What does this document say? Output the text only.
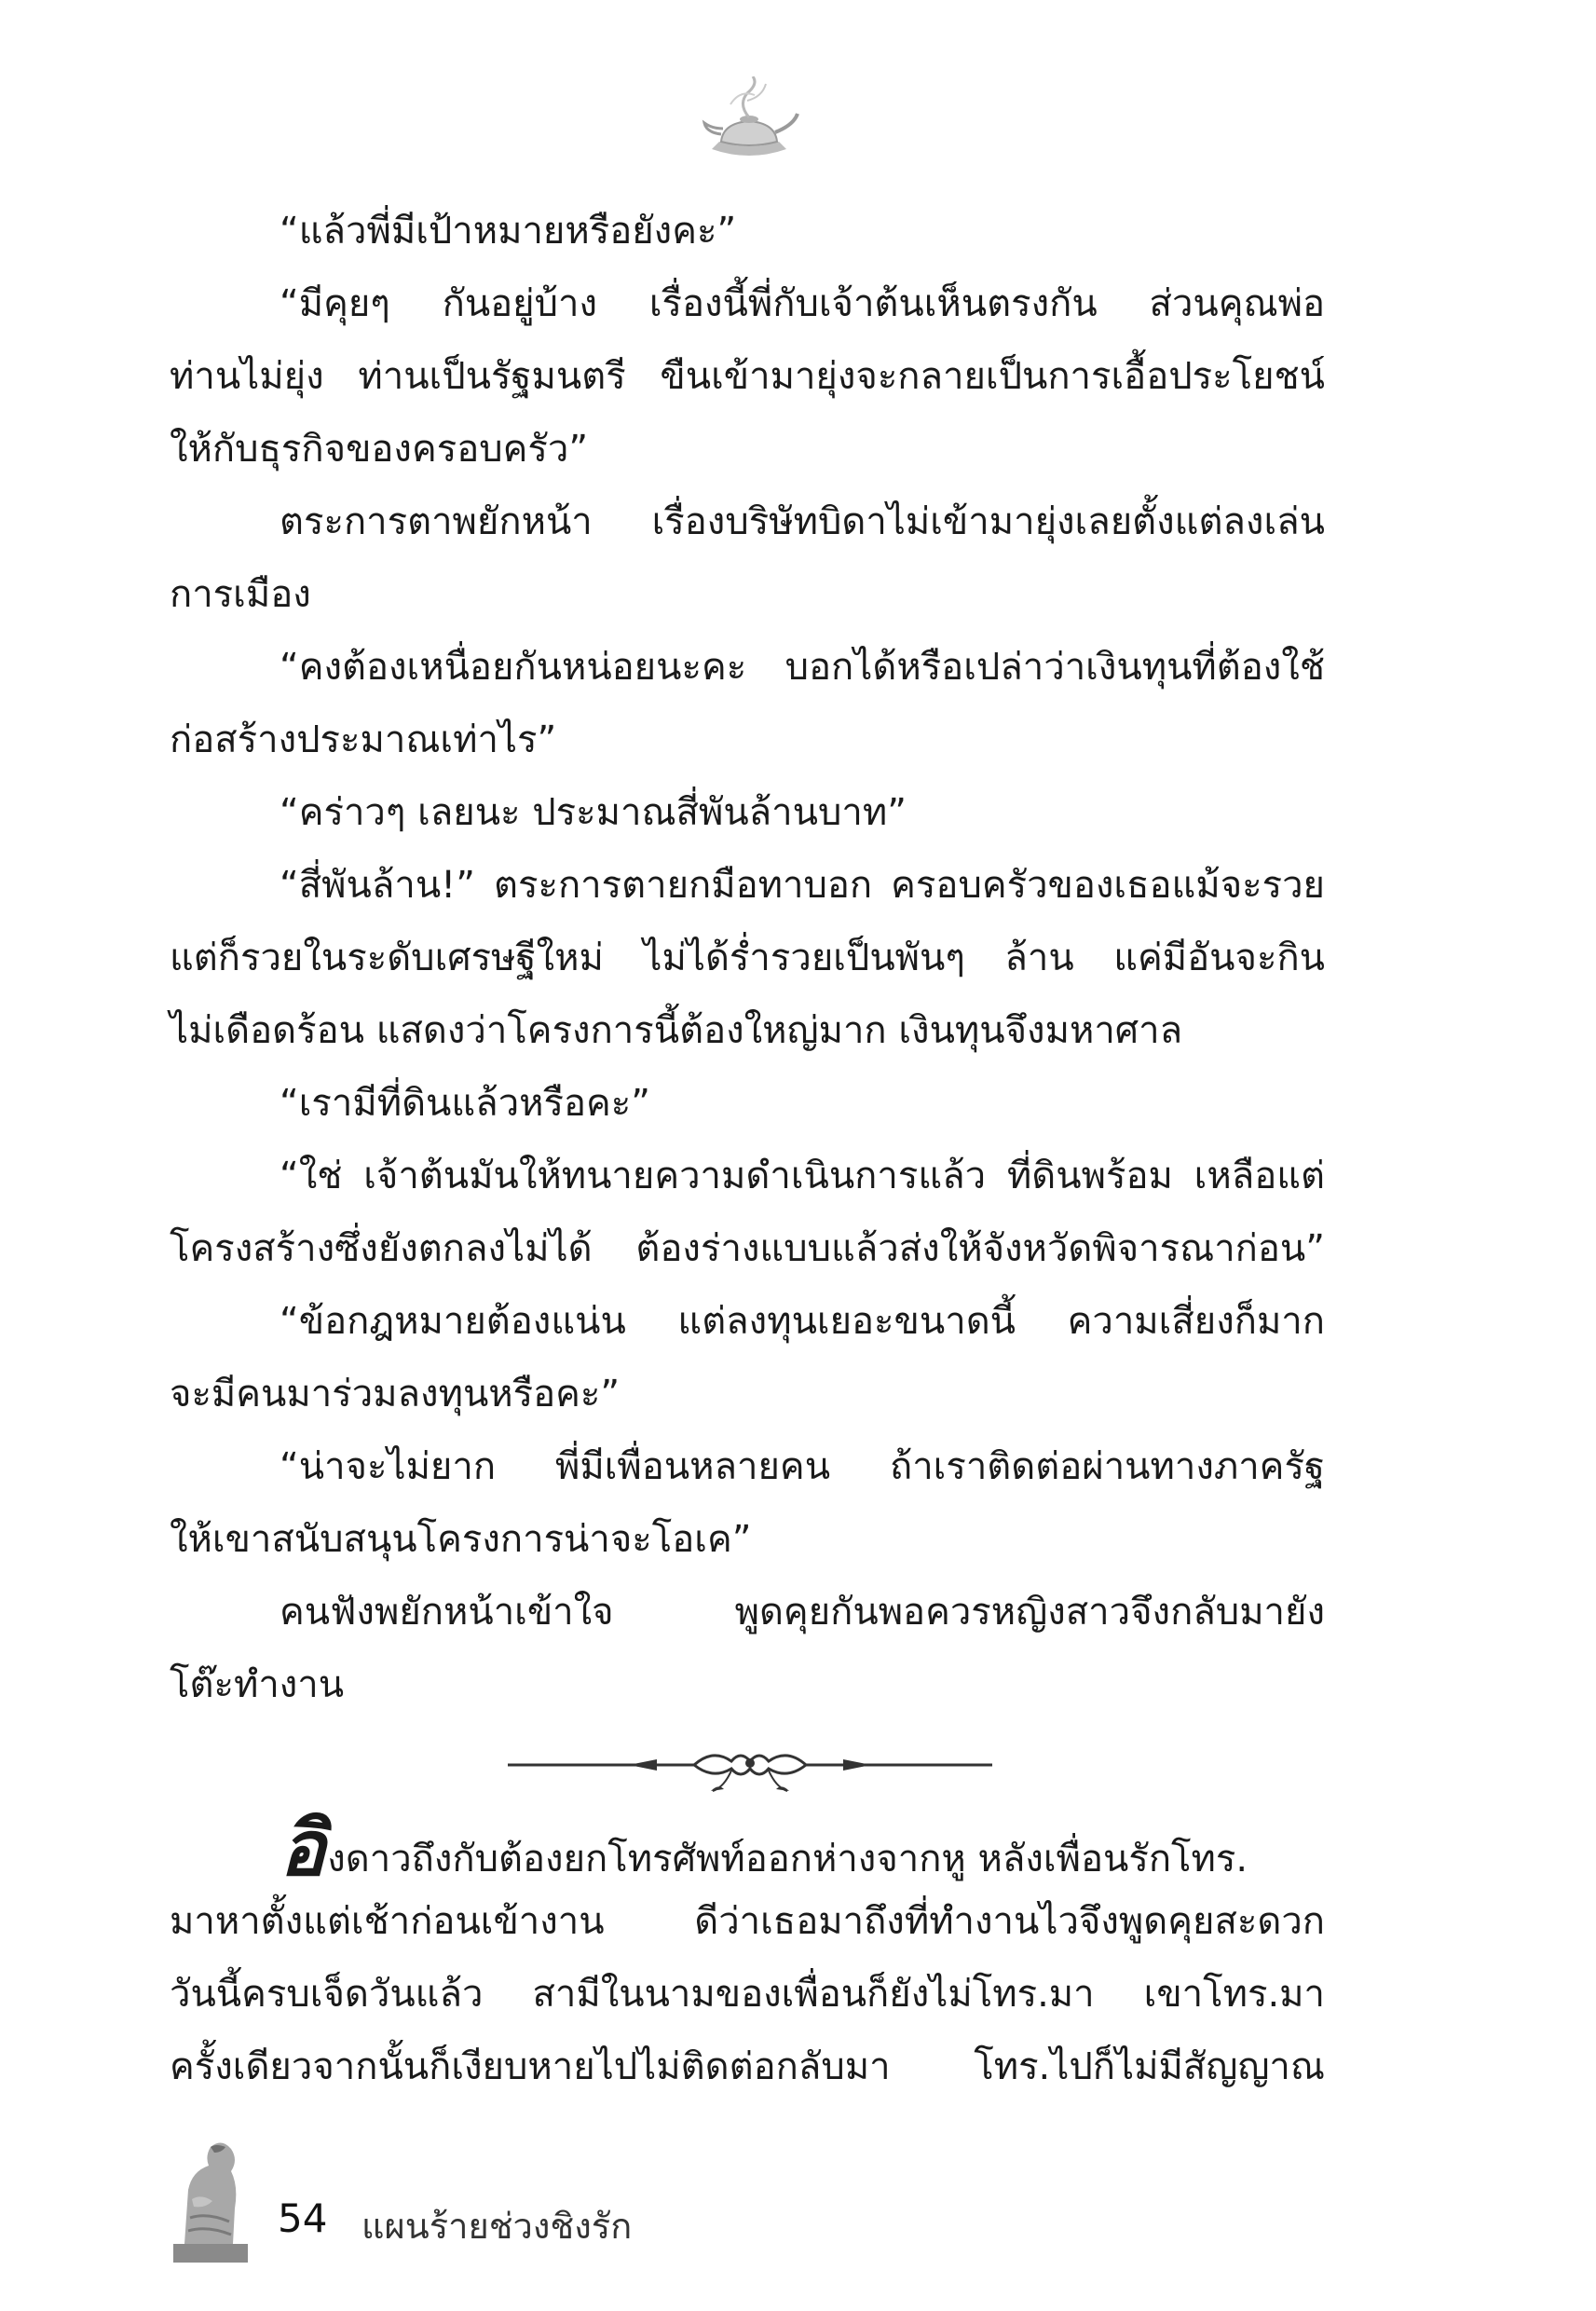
“แล้วพี่มีเป้าหมายหรือยังคะ”
“มีคุยๆ กันอยู่บ้าง เรื่องนี้พี่กับเจ้าต้นเห็นตรงกัน ส่วนคุณพ่อ
ท่านไม่ยุ่ง ท่านเป็นรัฐมนตรี ขืนเข้ามายุ่งจะกลายเป็นการเอื้อประโยชน์
ให้กับธุรกิจของครอบครัว”
ตระการตาพยักหน้า เรื่องบริษัทบิดาไม่เข้ามายุ่งเลยตั้งแต่ลงเล่น
การเมือง
“คงต้องเหนื่อยกันหน่อยนะคะ บอกได้หรือเปล่าว่าเงินทุนที่ต้องใช้
ก่อสร้างประมาณเท่าไร”
“คร่าวๆ เลยนะ ประมาณสี่พันล้านบาท”
“สี่พันล้าน!” ตระการตายกมือทาบอก ครอบครัวของเธอแม้จะรวย
แต่ก็รวยในระดับเศรษฐีใหม่ ไม่ได้ร่ำรวยเป็นพันๆ ล้าน แค่มีอันจะกิน
ไม่เดือดร้อน แสดงว่าโครงการนี้ต้องใหญ่มาก เงินทุนจึงมหาศาล
“เรามีที่ดินแล้วหรือคะ”
“ใช่ เจ้าต้นมันให้ทนายความดำเนินการแล้ว ที่ดินพร้อม เหลือแต่
โครงสร้างซึ่งยังตกลงไม่ได้ ต้องร่างแบบแล้วส่งให้จังหวัดพิจารณาก่อน”
“ข้อกฎหมายต้องแน่น แต่ลงทุนเยอะขนาดนี้ ความเสี่ยงก็มาก
จะมีคนมาร่วมลงทุนหรือคะ”
“น่าจะไม่ยาก พี่มีเพื่อนหลายคน ถ้าเราติดต่อผ่านทางภาครัฐ
ให้เขาสนับสนุนโครงการน่าจะโอเค”
คนฟังพยักหน้าเข้าใจ พูดคุยกันพอควรหญิงสาวจึงกลับมายัง
โต๊ะทำงาน
อิงดาวถึงกับต้องยกโทรศัพท์ออกห่างจากหู หลังเพื่อนรักโทร.
มาหาตั้งแต่เช้าก่อนเข้างาน ดีว่าเธอมาถึงที่ทำงานไวจึงพูดคุยสะดวก
วันนี้ครบเจ็ดวันแล้ว สามีในนามของเพื่อนก็ยังไม่โทร.มา เขาโทร.มา
ครั้งเดียวจากนั้นก็เงียบหายไปไม่ติดต่อกลับมา โทร.ไปก็ไม่มีสัญญาณ
54 แผนร้ายช่วงชิงรัก
